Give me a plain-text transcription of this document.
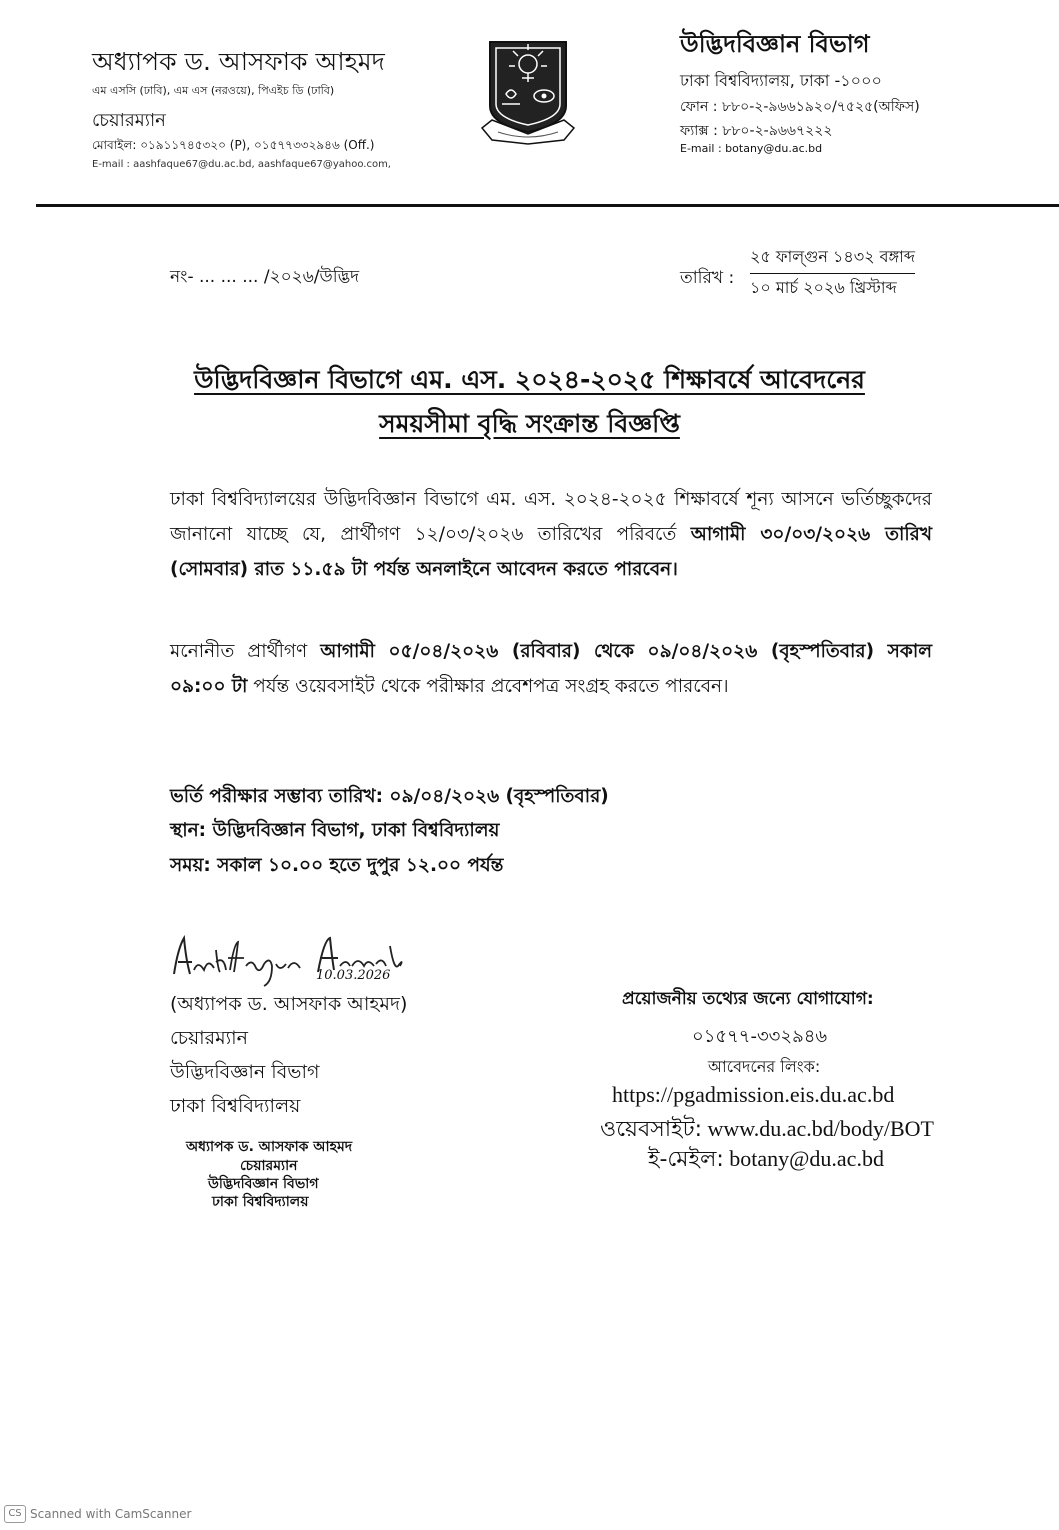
অধ্যাপক ড. আসফাক আহমদ
এম এসসি (ঢাবি), এম এস (নরওয়ে), পিএইচ ডি (ঢাবি)
চেয়ারম্যান
মোবাইল: ০১৯১১৭৪৫৩২০ (P), ০১৫৭৭৩৩২৯৪৬ (Off.)
E-mail : aashfaque67@du.ac.bd, aashfaque67@yahoo.com,
উদ্ভিদবিজ্ঞান বিভাগ
ঢাকা বিশ্ববিদ্যালয়, ঢাকা -১০০০
ফোন : ৮৮০-২-৯৬৬১৯২০/৭৫২৫(অফিস)
ফ্যাক্স : ৮৮০-২-৯৬৬৭২২২
E-mail : botany@du.ac.bd
নং- ... ... ... /২০২৬/উদ্ভিদ	তারিখ :
২৫ ফাল্গুন ১৪৩২ বঙ্গাব্দ
১০ মার্চ ২০২৬ খ্রিস্টাব্দ
উদ্ভিদবিজ্ঞান বিভাগে এম. এস. ২০২৪-২০২৫ শিক্ষাবর্ষে আবেদনের
সময়সীমা বৃদ্ধি সংক্রান্ত বিজ্ঞপ্তি

ঢাকা বিশ্ববিদ্যালয়ের উদ্ভিদবিজ্ঞান বিভাগে এম. এস. ২০২৪-২০২৫ শিক্ষাবর্ষে শূন্য আসনে ভর্তিচ্ছুকদের জানানো যাচ্ছে যে, প্রার্থীগণ ১২/০৩/২০২৬ তারিখের পরিবর্তে আগামী ৩০/০৩/২০২৬ তারিখ (সোমবার) রাত ১১.৫৯ টা পর্যন্ত অনলাইনে আবেদন করতে পারবেন।

মনোনীত প্রার্থীগণ আগামী ০৫/০৪/২০২৬ (রবিবার) থেকে ০৯/০৪/২০২৬ (বৃহস্পতিবার) সকাল ০৯:০০ টা পর্যন্ত ওয়েবসাইট থেকে পরীক্ষার প্রবেশপত্র সংগ্রহ করতে পারবেন।

ভর্তি পরীক্ষার সম্ভাব্য তারিখ: ০৯/০৪/২০২৬ (বৃহস্পতিবার)
স্থান: উদ্ভিদবিজ্ঞান বিভাগ, ঢাকা বিশ্ববিদ্যালয়
সময়: সকাল ১০.০০ হতে দুপুর ১২.০০ পর্যন্ত
10.03.2026
(অধ্যাপক ড. আসফাক আহমদ)
চেয়ারম্যান
উদ্ভিদবিজ্ঞান বিভাগ
ঢাকা বিশ্ববিদ্যালয়
অধ্যাপক ড. আসফাক আহমদ
চেয়ারম্যান
উদ্ভিদবিজ্ঞান বিভাগ
ঢাকা বিশ্ববিদ্যালয়
প্রয়োজনীয় তথ্যের জন্যে যোগাযোগ:
০১৫৭৭-৩৩২৯৪৬
আবেদনের লিংক:
https://pgadmission.eis.du.ac.bd
ওয়েবসাইট: www.du.ac.bd/body/BOT
ই-মেইল: botany@du.ac.bd
CS Scanned with CamScanner
